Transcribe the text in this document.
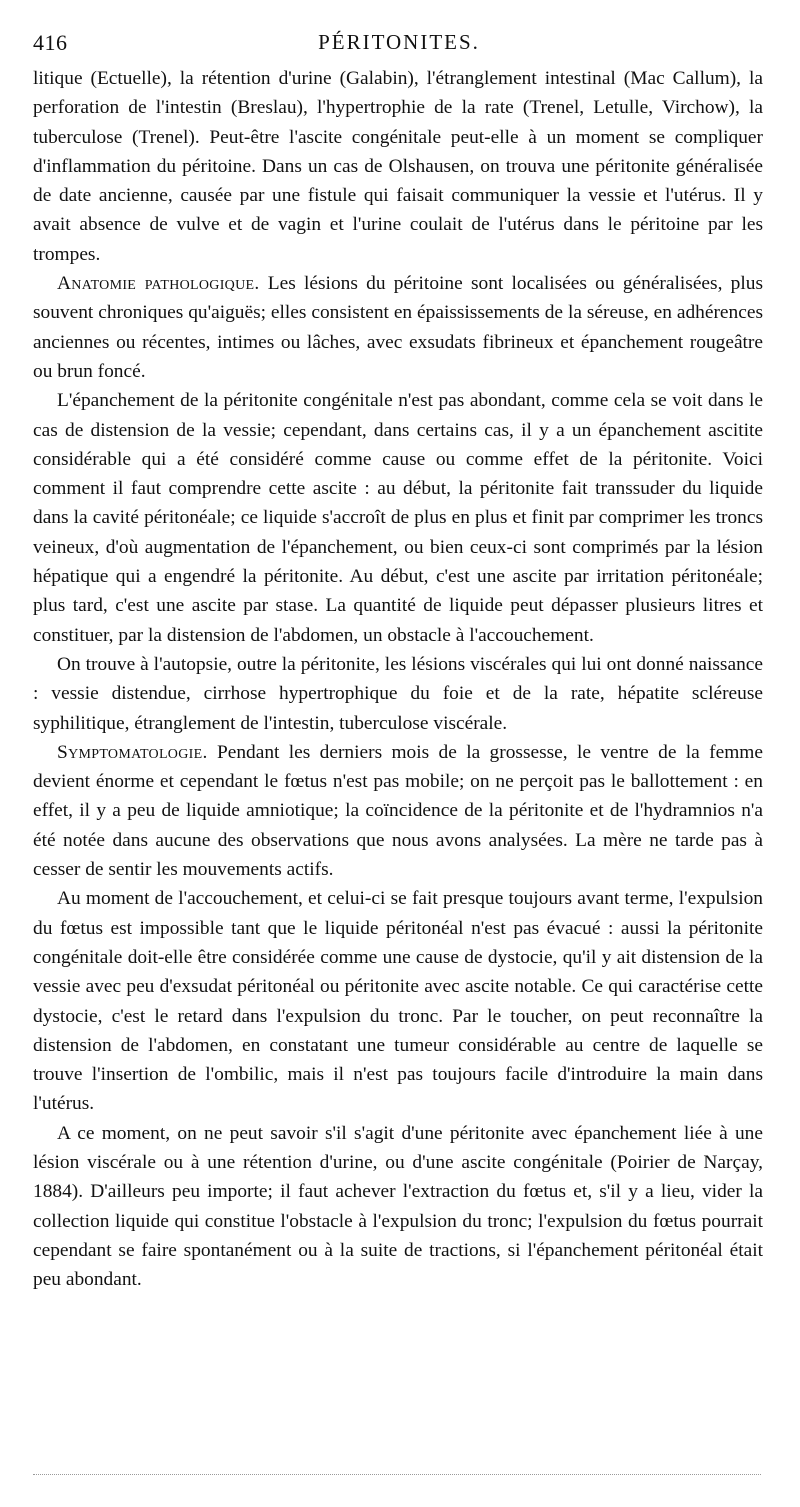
416	PÉRITONITES.

litique (Ectuelle), la rétention d'urine (Galabin), l'étranglement intestinal (Mac Callum), la perforation de l'intestin (Breslau), l'hypertrophie de la rate (Trenel, Letulle, Virchow), la tuberculose (Trenel). Peut-être l'ascite congénitale peut-elle à un moment se compliquer d'inflammation du péritoine. Dans un cas de Olshausen, on trouva une péritonite généralisée de date ancienne, causée par une fistule qui faisait communiquer la vessie et l'utérus. Il y avait absence de vulve et de vagin et l'urine coulait de l'utérus dans le péritoine par les trompes.

Anatomie pathologique. Les lésions du péritoine sont localisées ou généralisées, plus souvent chroniques qu'aiguës; elles consistent en épaississements de la séreuse, en adhérences anciennes ou récentes, intimes ou lâches, avec exsudats fibrineux et épanchement rougeâtre ou brun foncé.

L'épanchement de la péritonite congénitale n'est pas abondant, comme cela se voit dans le cas de distension de la vessie; cependant, dans certains cas, il y a un épanchement ascitite considérable qui a été considéré comme cause ou comme effet de la péritonite. Voici comment il faut comprendre cette ascite : au début, la péritonite fait transsuder du liquide dans la cavité péritonéale; ce liquide s'accroît de plus en plus et finit par comprimer les troncs veineux, d'où augmentation de l'épanchement, ou bien ceux-ci sont comprimés par la lésion hépatique qui a engendré la péritonite. Au début, c'est une ascite par irritation péritonéale; plus tard, c'est une ascite par stase. La quantité de liquide peut dépasser plusieurs litres et constituer, par la distension de l'abdomen, un obstacle à l'accouchement.

On trouve à l'autopsie, outre la péritonite, les lésions viscérales qui lui ont donné naissance : vessie distendue, cirrhose hypertrophique du foie et de la rate, hépatite scléreuse syphilitique, étranglement de l'intestin, tuberculose viscérale.

Symptomatologie. Pendant les derniers mois de la grossesse, le ventre de la femme devient énorme et cependant le fœtus n'est pas mobile; on ne perçoit pas le ballottement : en effet, il y a peu de liquide amniotique; la coïncidence de la péritonite et de l'hydramnios n'a été notée dans aucune des observations que nous avons analysées. La mère ne tarde pas à cesser de sentir les mouvements actifs.

Au moment de l'accouchement, et celui-ci se fait presque toujours avant terme, l'expulsion du fœtus est impossible tant que le liquide péritonéal n'est pas évacué : aussi la péritonite congénitale doit-elle être considérée comme une cause de dystocie, qu'il y ait distension de la vessie avec peu d'exsudat péritonéal ou péritonite avec ascite notable. Ce qui caractérise cette dystocie, c'est le retard dans l'expulsion du tronc. Par le toucher, on peut reconnaître la distension de l'abdomen, en constatant une tumeur considérable au centre de laquelle se trouve l'insertion de l'ombilic, mais il n'est pas toujours facile d'introduire la main dans l'utérus.

A ce moment, on ne peut savoir s'il s'agit d'une péritonite avec épanchement liée à une lésion viscérale ou à une rétention d'urine, ou d'une ascite congénitale (Poirier de Narçay, 1884). D'ailleurs peu importe; il faut achever l'extraction du fœtus et, s'il y a lieu, vider la collection liquide qui constitue l'obstacle à l'expulsion du tronc; l'expulsion du fœtus pourrait cependant se faire spontanément ou à la suite de tractions, si l'épanchement péritonéal était peu abondant.
